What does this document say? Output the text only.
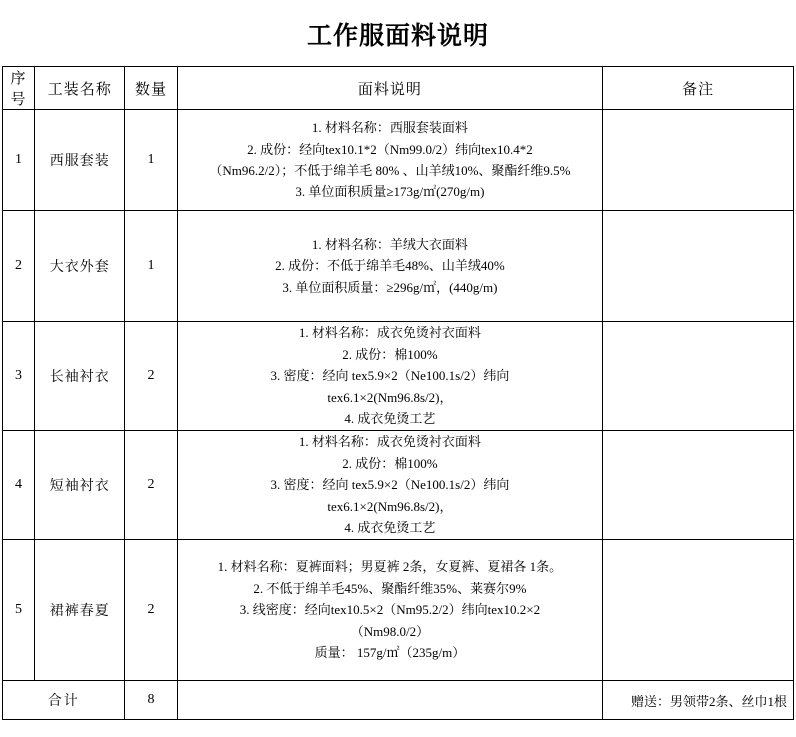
工作服面料说明
序号	工装名称	数量	面料说明	备注
1	西服套装	1	1. 材料名称：西服套装面料
2. 成份：经向tex10.1*2（Nm99.0/2）纬向tex10.4*2
（Nm96.2/2）；不低于绵羊毛 80% 、山羊绒10%、聚酯纤维9.5%
3. 单位面积质量≥173g/㎡(270g/m)	

2	大衣外套	1	1. 材料名称：羊绒大衣面料
2. 成份：不低于绵羊毛48%、山羊绒40%
3. 单位面积质量：≥296g/㎡，(440g/m)	

3	长袖衬衣	2	1. 材料名称：成衣免烫衬衣面料
2. 成份：棉100%
3. 密度：经向 tex5.9×2（Ne100.1s/2）纬向
tex6.1×2(Nm96.8s/2)，
4. 成衣免烫工艺	

4	短袖衬衣	2	1. 材料名称：成衣免烫衬衣面料
2. 成份：棉100%
3. 密度：经向 tex5.9×2（Ne100.1s/2）纬向
tex6.1×2(Nm96.8s/2)，
4. 成衣免烫工艺	

5	裙裤春夏	2	1. 材料名称：夏裤面料；男夏裤 2条，女夏裤、夏裙各 1条。
2. 不低于绵羊毛45%、聚酯纤维35%、莱赛尔9%
3. 线密度：经向tex10.5×2（Nm95.2/2）纬向tex10.2×2
（Nm98.0/2）
质量： 157g/㎡（235g/m）	

合计		8		赠送：男领带2条、丝巾1根
